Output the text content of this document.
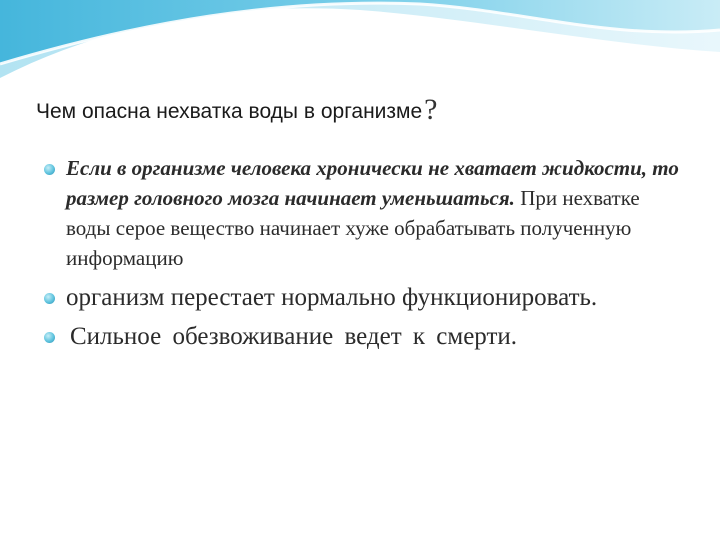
Чем опасна нехватка воды в организме?
Если в организме человека хронически не хватает жидкости, то размер головного мозга начинает уменьшаться. При нехватке воды серое вещество начинает хуже обрабатывать полученную информацию
организм перестает нормально функционировать.
Сильное обезвоживание ведет к смерти.
